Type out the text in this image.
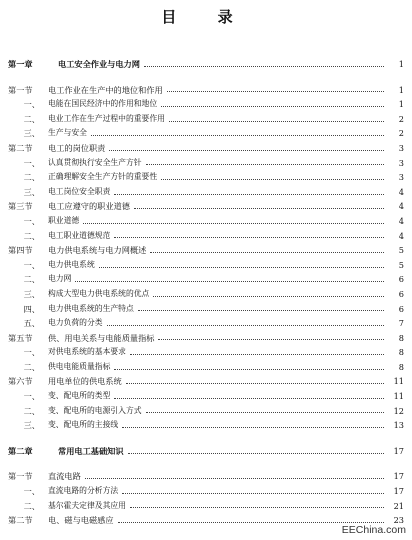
目 录
第一章	电工安全作业与电力网	1
第一节	电工作业在生产中的地位和作用	1
一、	电能在国民经济中的作用和地位	1
二、	电业工作在生产过程中的重要作用	2
三、	生产与安全	2
第二节	电工的岗位职责	3
一、	认真贯彻执行安全生产方针	3
二、	正确理解安全生产方针的重要性	3
三、	电工岗位安全职责	4
第三节	电工应遵守的职业道德	4
一、	职业道德	4
二、	电工职业道德规范	4
第四节	电力供电系统与电力网概述	5
一、	电力供电系统	5
二、	电力网	6
三、	构成大型电力供电系统的优点	6
四、	电力供电系统的生产特点	6
五、	电力负荷的分类	7
第五节	供、用电关系与电能质量指标	8
一、	对供电系统的基本要求	8
二、	供电电能质量指标	8
第六节	用电单位的供电系统	11
一、	变、配电所的类型	11
二、	变、配电所的电源引入方式	12
三、	变、配电所的主接线	13
第二章	常用电工基础知识	17
第一节	直流电路	17
一、	直流电路的分析方法	17
二、	基尔霍夫定律及其应用	21
第二节	电、磁与电磁感应	23
EEChina.com
